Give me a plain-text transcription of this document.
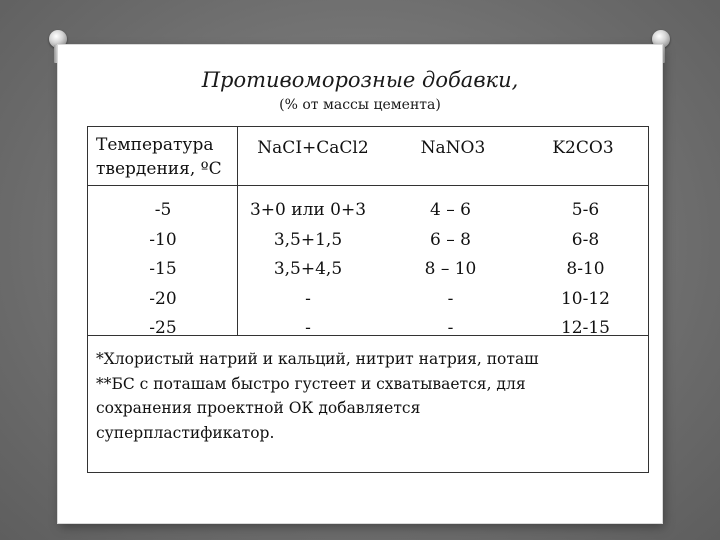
Противоморозные добавки,

(% от массы цемента)

Температура
твердения, ºС
NaCI+CaCl2	NaNO3	K2CO3
-5
-10
-15
-20
-25
3+0 или 0+3
3,5+1,5
3,5+4,5
-
-
4 – 6
6 – 8
8 – 10
-
-
5-6
6-8
8-10
10-12
12-15
*Хлористый натрий и кальций, нитрит натрия, поташ
**БС с поташам быстро густеет и схватывается, для
сохранения проектной ОК добавляется
суперпластификатор.
